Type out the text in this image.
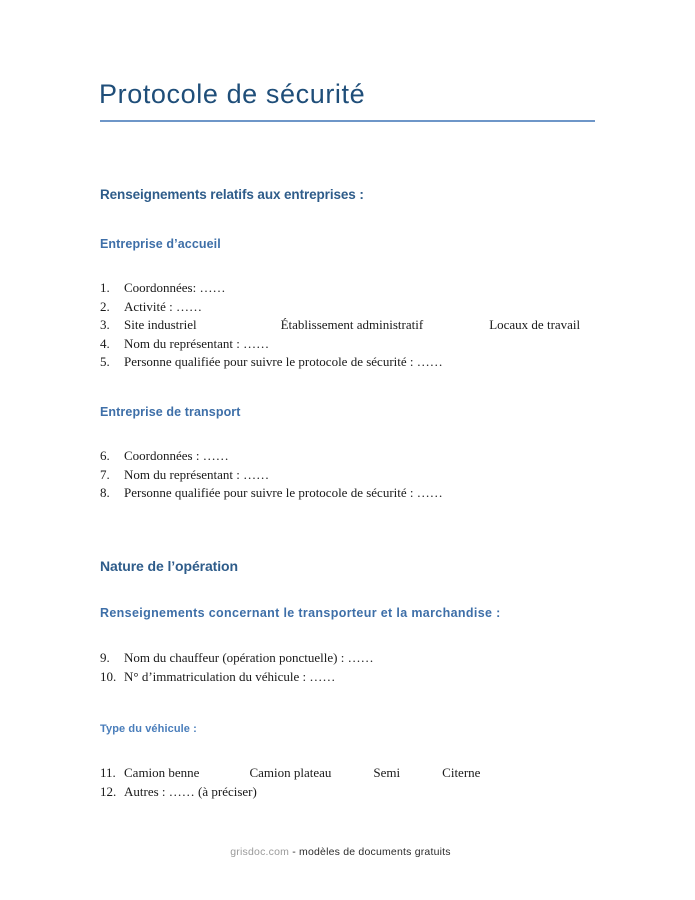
Protocole de sécurité
Renseignements relatifs aux entreprises :
Entreprise d’accueil
1. Coordonnées: ……
2. Activité : ……
3. Site industriel	Établissement administratif	Locaux de travail
4. Nom du représentant : ……
5. Personne qualifiée pour suivre le protocole de sécurité : ……
Entreprise de transport
6. Coordonnées : ……
7. Nom du représentant : ……
8. Personne qualifiée pour suivre le protocole de sécurité : ……
Nature de l’opération
Renseignements concernant le transporteur et la marchandise :
9. Nom du chauffeur (opération ponctuelle) : ……
10. N° d’immatriculation du véhicule : ……
Type du véhicule :
11. Camion benne	Camion plateau	Semi	Citerne
12. Autres : …… (à préciser)
grisdoc.com - modèles de documents gratuits
